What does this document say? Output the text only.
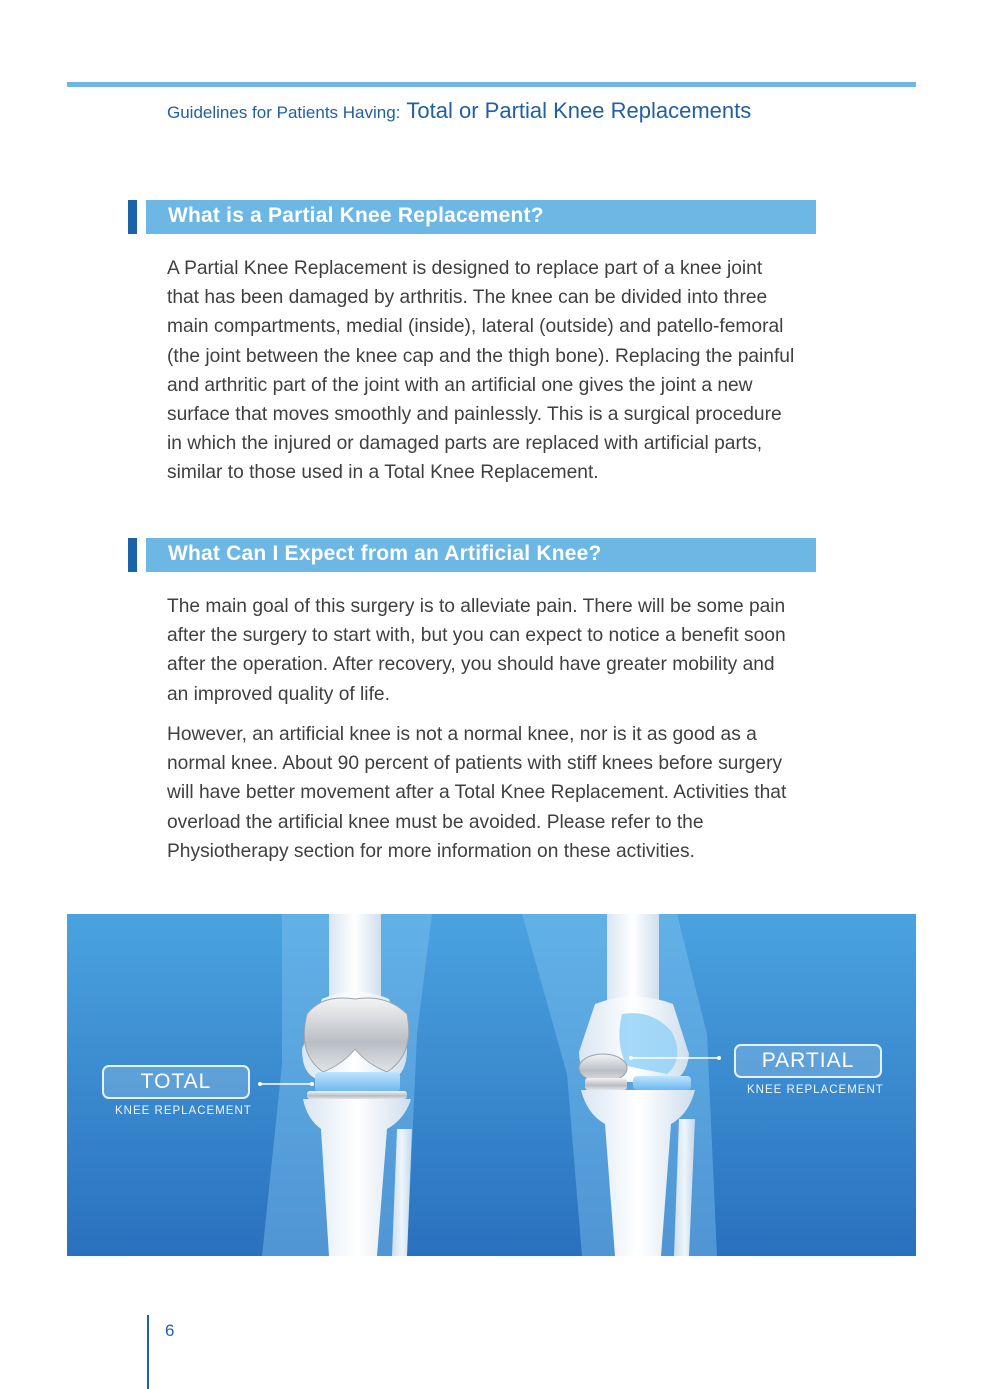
Guidelines for Patients Having: Total or Partial Knee Replacements
What is a Partial Knee Replacement?

A Partial Knee Replacement is designed to replace part of a knee joint that has been damaged by arthritis. The knee can be divided into three main compartments, medial (inside), lateral (outside) and patello-femoral (the joint between the knee cap and the thigh bone). Replacing the painful and arthritic part of the joint with an artificial one gives the joint a new surface that moves smoothly and painlessly. This is a surgical procedure in which the injured or damaged parts are replaced with artificial parts, similar to those used in a Total Knee Replacement.

What Can I Expect from an Artificial Knee?

The main goal of this surgery is to alleviate pain. There will be some pain after the surgery to start with, but you can expect to notice a benefit soon after the operation. After recovery, you should have greater mobility and an improved quality of life.

However, an artificial knee is not a normal knee, nor is it as good as a normal knee. About 90 percent of patients with stiff knees before surgery will have better movement after a Total Knee Replacement. Activities that overload the artificial knee must be avoided. Please refer to the Physiotherapy section for more information on these activities.

TOTAL
KNEE REPLACEMENT
PARTIAL
KNEE REPLACEMENT
6
